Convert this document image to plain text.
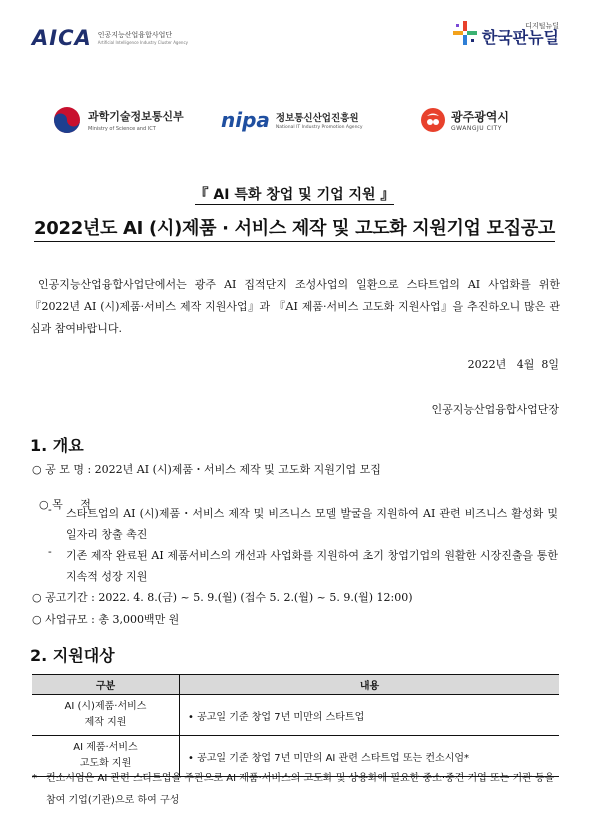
AICA 인공지능산업융합사업단
Artificial Intelligence Industry Cluster Agency
디지털뉴딜
한국판뉴딜
과학기술정보통신부
Ministry of Science and ICT	nipa 정보통신산업진흥원
National IT Industry Promotion Agency
광주광역시
GWANGJU CITY
『 AI 특화 창업 및 기업 지원 』
2022년도 AI (시)제품 · 서비스 제작 및 고도화 지원기업 모집공고

인공지능산업융합사업단에서는 광주 AI 집적단지 조성사업의 일환으로 스타트업의 AI 사업화를 위한 『2022년 AI (시)제품·서비스 제작 지원사업』과 『AI 제품·서비스 고도화 지원사업』을 추진하오니 많은 관심과 참여바랍니다.

2022년   4월  8일
인공지능산업융합사업단장
1. 개요
○ 공 모 명 : 2022년 AI (시)제품・서비스 제작 및 고도화 지원기업 모집

○ 목     적

-	스타트업의 AI (시)제품・서비스 제작 및 비즈니스 모델 발굴을 지원하여 AI 관련 비즈니스 활성화 및 일자리 창출 촉진
-	기존 제작 완료된 AI 제품서비스의 개선과 사업화를 지원하여 초기 창업기업의 원활한 시장진출을 통한 지속적 성장 지원
○ 공고기간 : 2022. 4. 8.(금) ~ 5. 9.(월) (접수 5. 2.(월) ~ 5. 9.(월) 12:00)
○ 사업규모 : 총 3,000백만 원
2. 지원대상
구분	내용

AI (시)제품·서비스
제작 지원	• 공고일 기준 창업 7년 미만의 스타트업

AI 제품·서비스
고도화 지원	• 공고일 기준 창업 7년 미만의 AI 관련 스타트업 또는 컨소시엄*
* 컨소시엄은 AI 관련 스타트업을 주관으로 AI 제품·서비스의 고도화 및 상용화에 필요한 중소·중견 기업 또는 기관 등을 참여 기업(기관)으로 하여 구성
